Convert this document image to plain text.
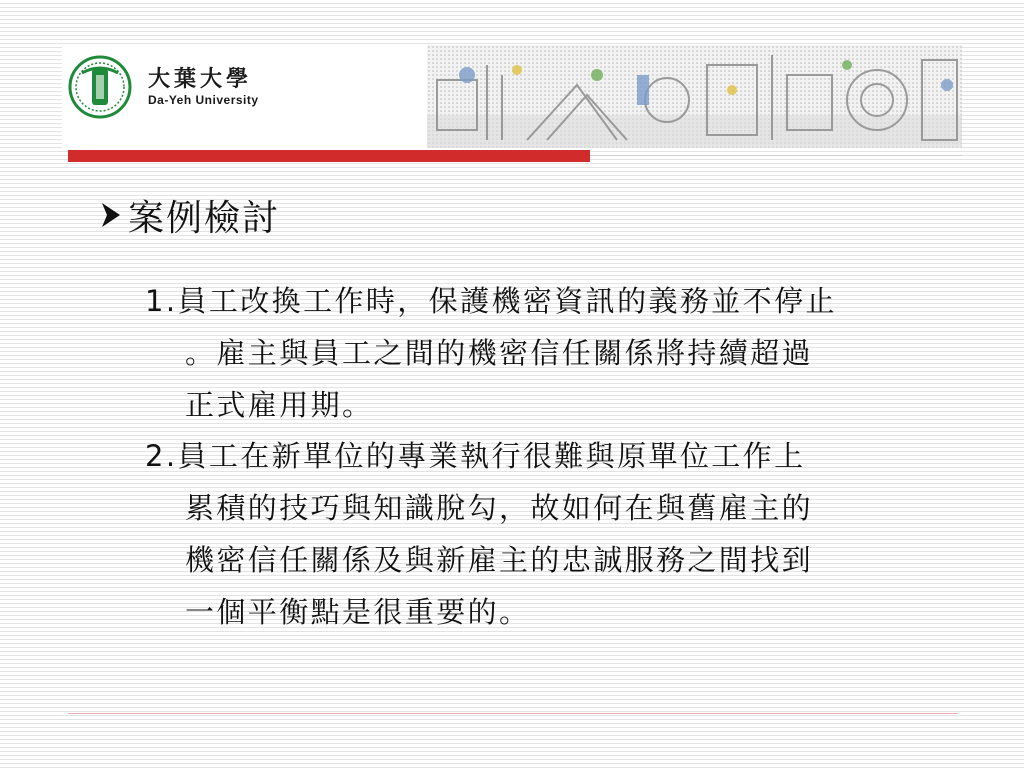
大葉大學
Da-Yeh University
案例檢討
1.員工改換工作時，保護機密資訊的義務並不停止
。雇主與員工之間的機密信任關係將持續超過
正式雇用期。
2.員工在新單位的專業執行很難與原單位工作上
累積的技巧與知識脫勾，故如何在與舊雇主的
機密信任關係及與新雇主的忠誠服務之間找到
一個平衡點是很重要的。
